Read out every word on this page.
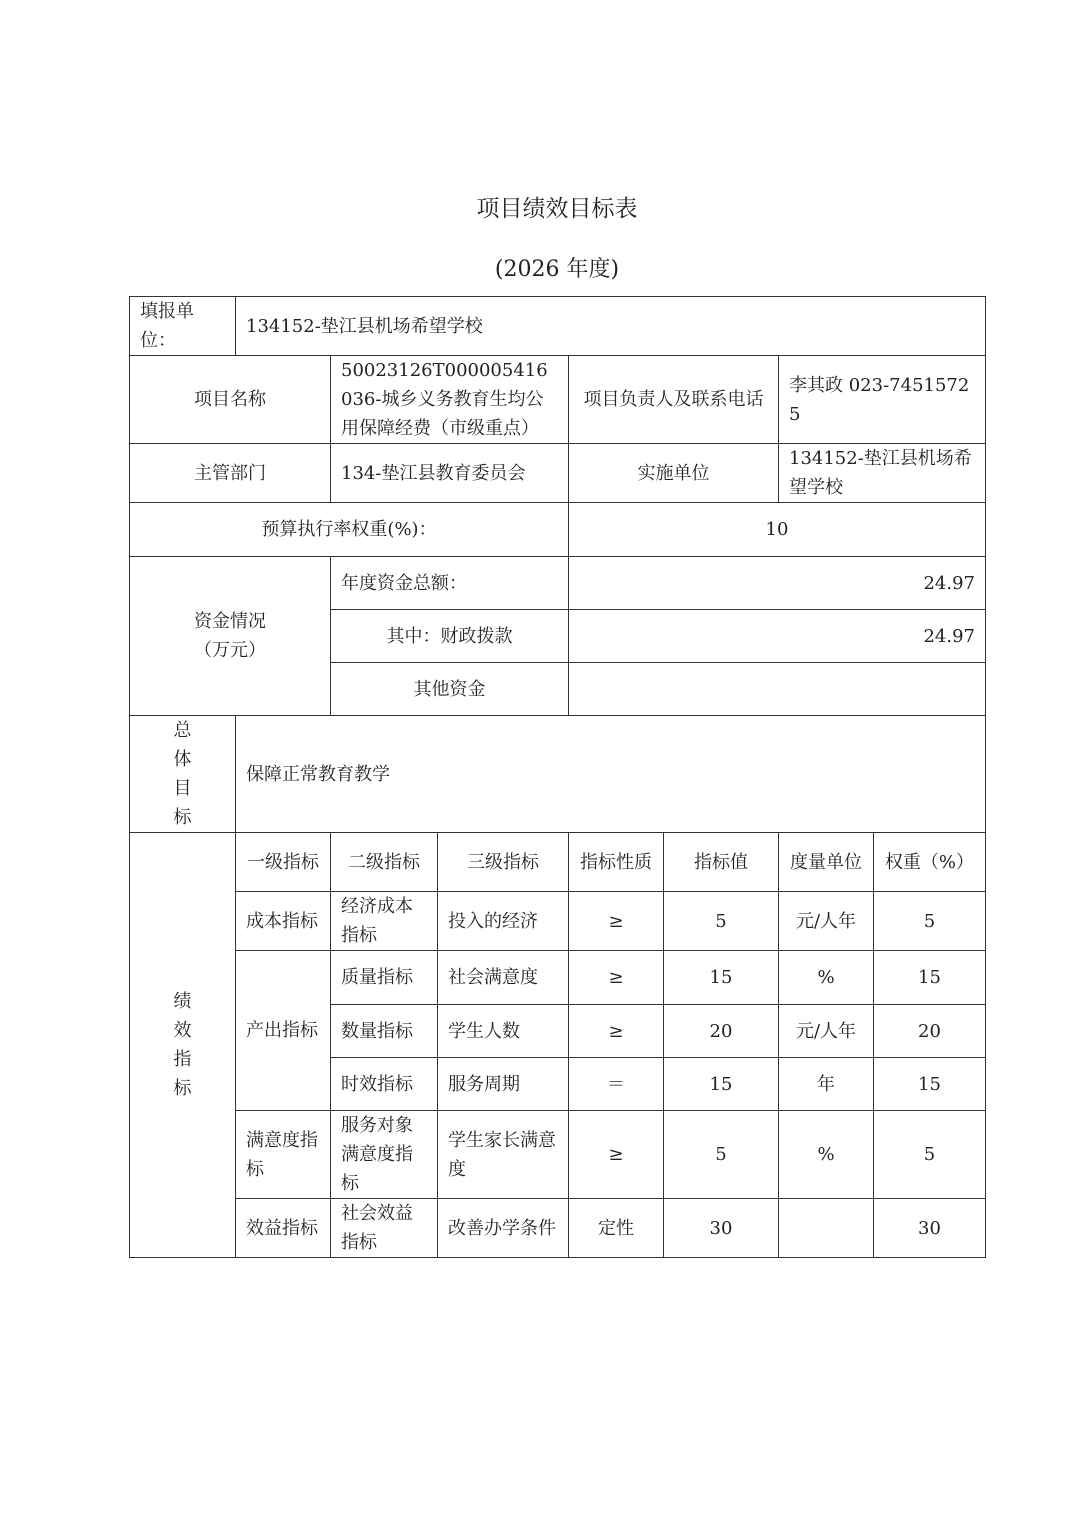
项目绩效目标表
(2026 年度)
填报单位：	134152-垫江县机场希望学校						
项目名称		50023126T000005416036-城乡义务教育生均公用保障经费（市级重点）		项目负责人及联系电话		李其政 023-74515725	
主管部门		134-垫江县教育委员会		实施单位		134152-垫江县机场希望学校	
预算执行率权重(%)：				10			
资金情况（万元）		年度资金总额：		24.97			
		其中：财政拨款		24.97			
		其他资金					
总体目标	保障正常教育教学						
绩效指标	一级指标	二级指标	三级指标	指标性质	指标值	度量单位	权重（%）
	成本指标	经济成本指标	投入的经济	≥	5	元/人年	5
	产出指标	质量指标	社会满意度	≥	15	%	15
		数量指标	学生人数	≥	20	元/人年	20
		时效指标	服务周期	＝	15	年	15
	满意度指标	服务对象满意度指标	学生家长满意度	≥	5	%	5
	效益指标	社会效益指标	改善办学条件	定性	30		30
